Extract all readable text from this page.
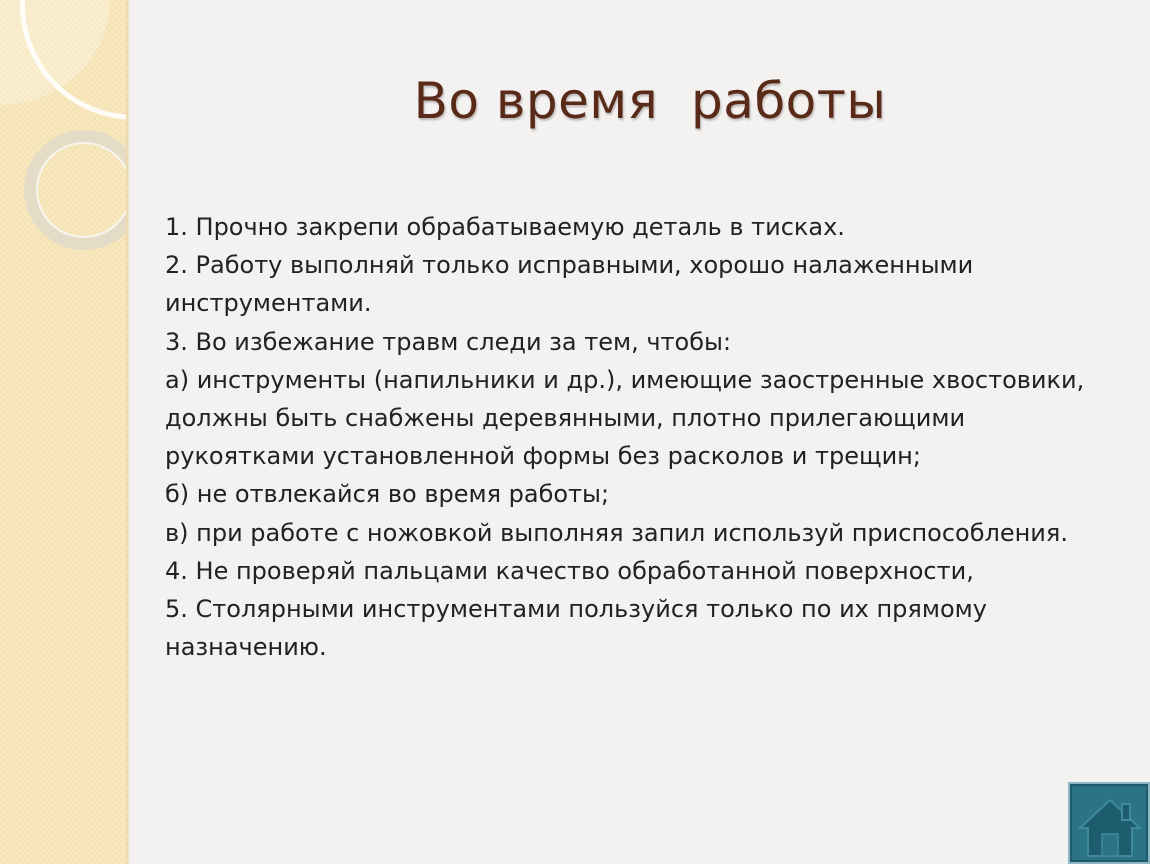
Во время  работы

1. Прочно закрепи обрабатываемую деталь в тисках.

2. Работу выполняй только исправными, хорошо налаженными инструментами.

3. Во избежание травм следи за тем, чтобы:

а) инструменты (напильники и др.), имеющие заостренные хвостовики, должны быть снабжены деревянными, плотно прилегающими рукоятками установленной формы без расколов и трещин;

б) не отвлекайся во время работы;

в) при работе с ножовкой выполняя запил используй приспособления.

4. Не проверяй пальцами качество обработанной поверхности,

5. Столярными инструментами пользуйся только по их прямому назначению.
